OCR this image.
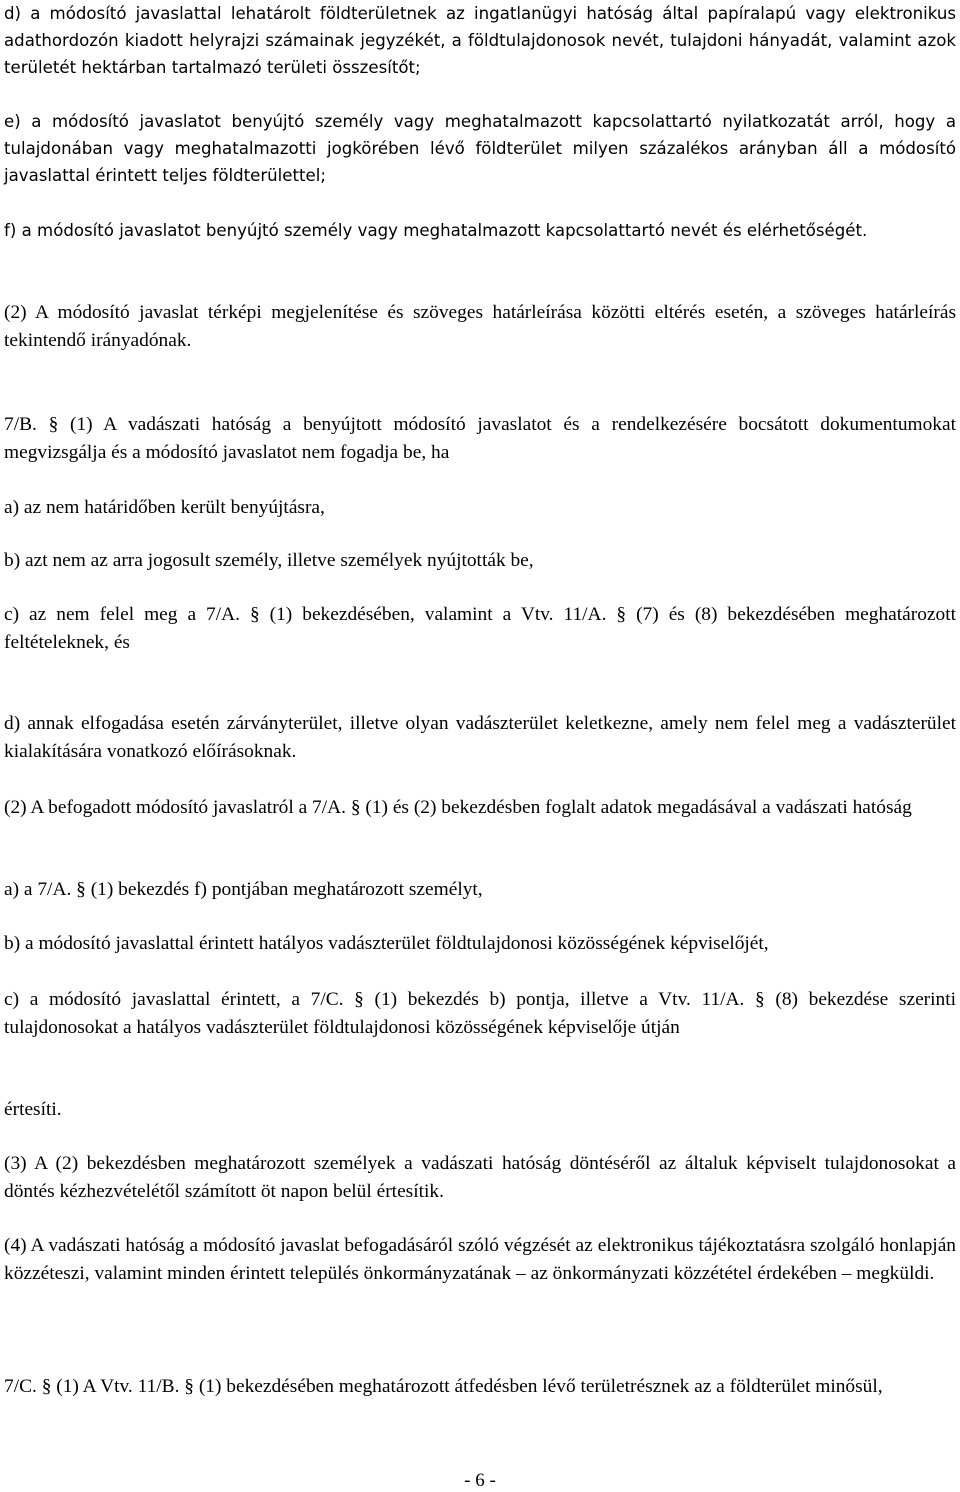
d) a módosító javaslattal lehatárolt földterületnek az ingatlanügyi hatóság által papíralapú vagy elektronikus adathordozón kiadott helyrajzi számainak jegyzékét, a földtulajdonosok nevét, tulajdoni hányadát, valamint azok területét hektárban tartalmazó területi összesítőt;

e) a módosító javaslatot benyújtó személy vagy meghatalmazott kapcsolattartó nyilatkozatát arról, hogy a tulajdonában vagy meghatalmazotti jogkörében lévő földterület milyen százalékos arányban áll a módosító javaslattal érintett teljes földterülettel;

f) a módosító javaslatot benyújtó személy vagy meghatalmazott kapcsolattartó nevét és elérhetőségét.

(2) A módosító javaslat térképi megjelenítése és szöveges határleírása közötti eltérés esetén, a szöveges határleírás tekintendő irányadónak.

7/B. § (1) A vadászati hatóság a benyújtott módosító javaslatot és a rendelkezésére bocsátott dokumentumokat megvizsgálja és a módosító javaslatot nem fogadja be, ha

a) az nem határidőben került benyújtásra,

b) azt nem az arra jogosult személy, illetve személyek nyújtották be,

c) az nem felel meg a 7/A. § (1) bekezdésében, valamint a Vtv. 11/A. § (7) és (8) bekezdésében meghatározott feltételeknek, és

d) annak elfogadása esetén zárványterület, illetve olyan vadászterület keletkezne, amely nem felel meg a vadászterület kialakítására vonatkozó előírásoknak.

(2) A befogadott módosító javaslatról a 7/A. § (1) és (2) bekezdésben foglalt adatok megadásával a vadászati hatóság

a) a 7/A. § (1) bekezdés f) pontjában meghatározott személyt,

b) a módosító javaslattal érintett hatályos vadászterület földtulajdonosi közösségének képviselőjét,

c) a módosító javaslattal érintett, a 7/C. § (1) bekezdés b) pontja, illetve a Vtv. 11/A. § (8) bekezdése szerinti tulajdonosokat a hatályos vadászterület földtulajdonosi közösségének képviselője útján

értesíti.

(3) A (2) bekezdésben meghatározott személyek a vadászati hatóság döntéséről az általuk képviselt tulajdonosokat a döntés kézhezvételétől számított öt napon belül értesítik.

(4) A vadászati hatóság a módosító javaslat befogadásáról szóló végzését az elektronikus tájékoztatásra szolgáló honlapján közzéteszi, valamint minden érintett település önkormányzatának – az önkormányzati közzététel érdekében – megküldi.

7/C. § (1) A Vtv. 11/B. § (1) bekezdésében meghatározott átfedésben lévő területrésznek az a földterület minősül,

- 6 -
